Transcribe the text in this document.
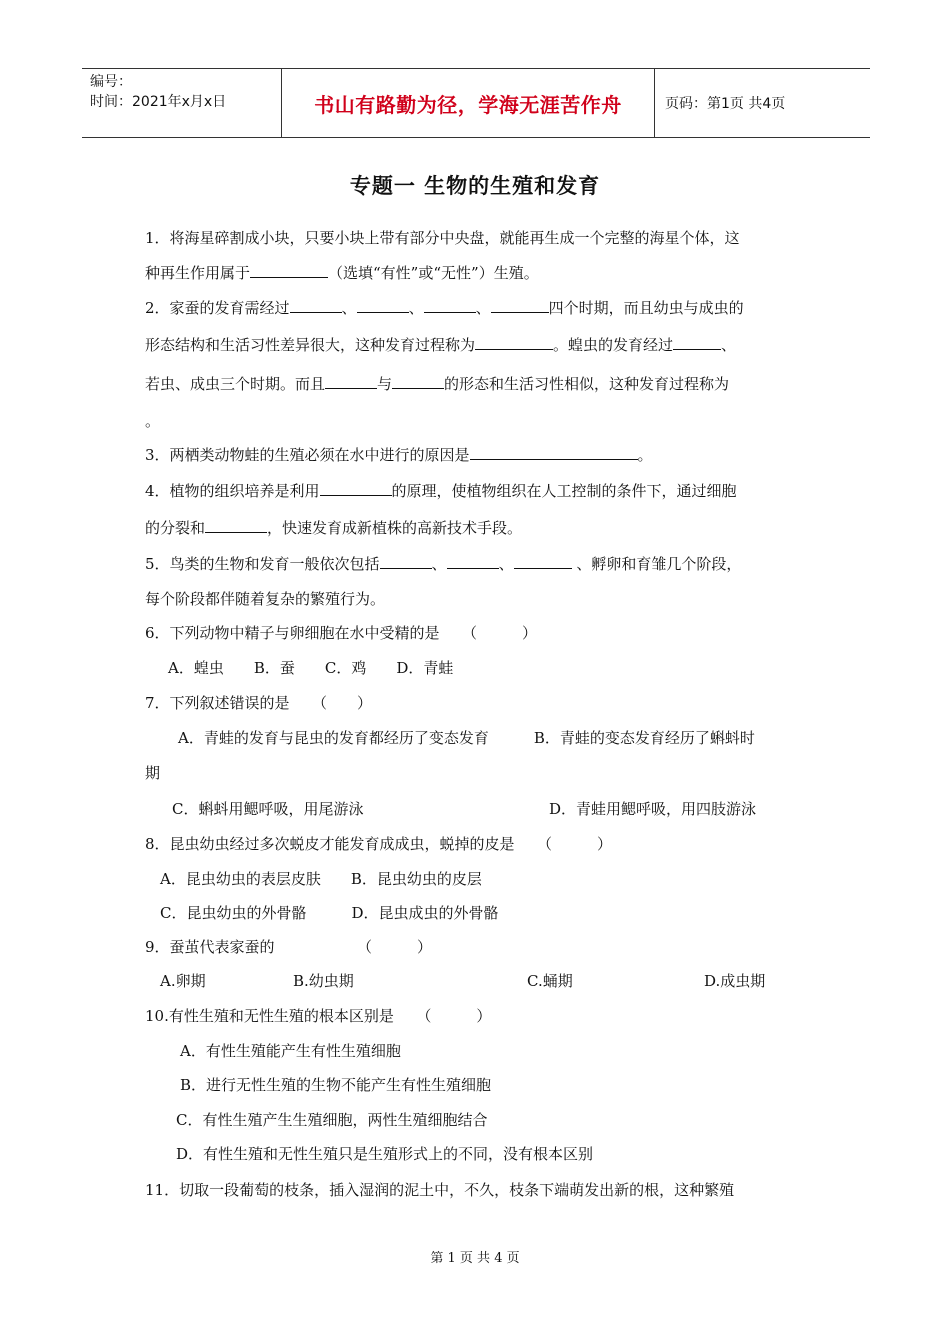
编号：
时间：2021年x月x日	书山有路勤为径，学海无涯苦作舟	页码：第1页 共4页
专题一 生物的生殖和发育
1．将海星碎割成小块，只要小块上带有部分中央盘，就能再生成一个完整的海星个体，这
种再生作用属于	（选填“有性”或“无性”）生殖。
2．家蚕的发育需经过	、	、	、	四个时期，而且幼虫与成虫的
形态结构和生活习性差异很大，这种发育过程称为	。蝗虫的发育经过	、
若虫、成虫三个时期。而且	与	的形态和生活习性相似，这种发育过程称为
。
3．两栖类动物蛙的生殖必须在水中进行的原因是	。
4．植物的组织培养是利用	的原理，使植物组织在人工控制的条件下，通过细胞
的分裂和	，快速发育成新植株的高新技术手段。
5．鸟类的生物和发育一般依次包括	、	、	、孵卵和育雏几个阶段，
每个阶段都伴随着复杂的繁殖行为。
6．下列动物中精子与卵细胞在水中受精的是　　（　　　）
A．蝗虫　　B．蚕　　C．鸡　　D．青蛙
7．下列叙述错误的是　　（　　）
A．青蛙的发育与昆虫的发育都经历了变态发育　　　B．青蛙的变态发育经历了蝌蚪时
期
C．蝌蚪用鳃呼吸，用尾游泳	D．青蛙用鳃呼吸，用四肢游泳
8．昆虫幼虫经过多次蜕皮才能发育成成虫，蜕掉的皮是　　（　　　）
A．昆虫幼虫的表层皮肤　　B．昆虫幼虫的皮层
C．昆虫幼虫的外骨骼　　　D．昆虫成虫的外骨骼
9．蚕茧代表家蚕的　　　　　　（　　　）
A.卵期	B.幼虫期	C.蛹期	D.成虫期
10.有性生殖和无性生殖的根本区别是　　（　　　）
A．有性生殖能产生有性生殖细胞
B．进行无性生殖的生物不能产生有性生殖细胞
C．有性生殖产生生殖细胞，两性生殖细胞结合
D．有性生殖和无性生殖只是生殖形式上的不同，没有根本区别
11．切取一段葡萄的枝条，插入湿润的泥土中，不久，枝条下端萌发出新的根，这种繁殖
第 1 页 共 4 页
